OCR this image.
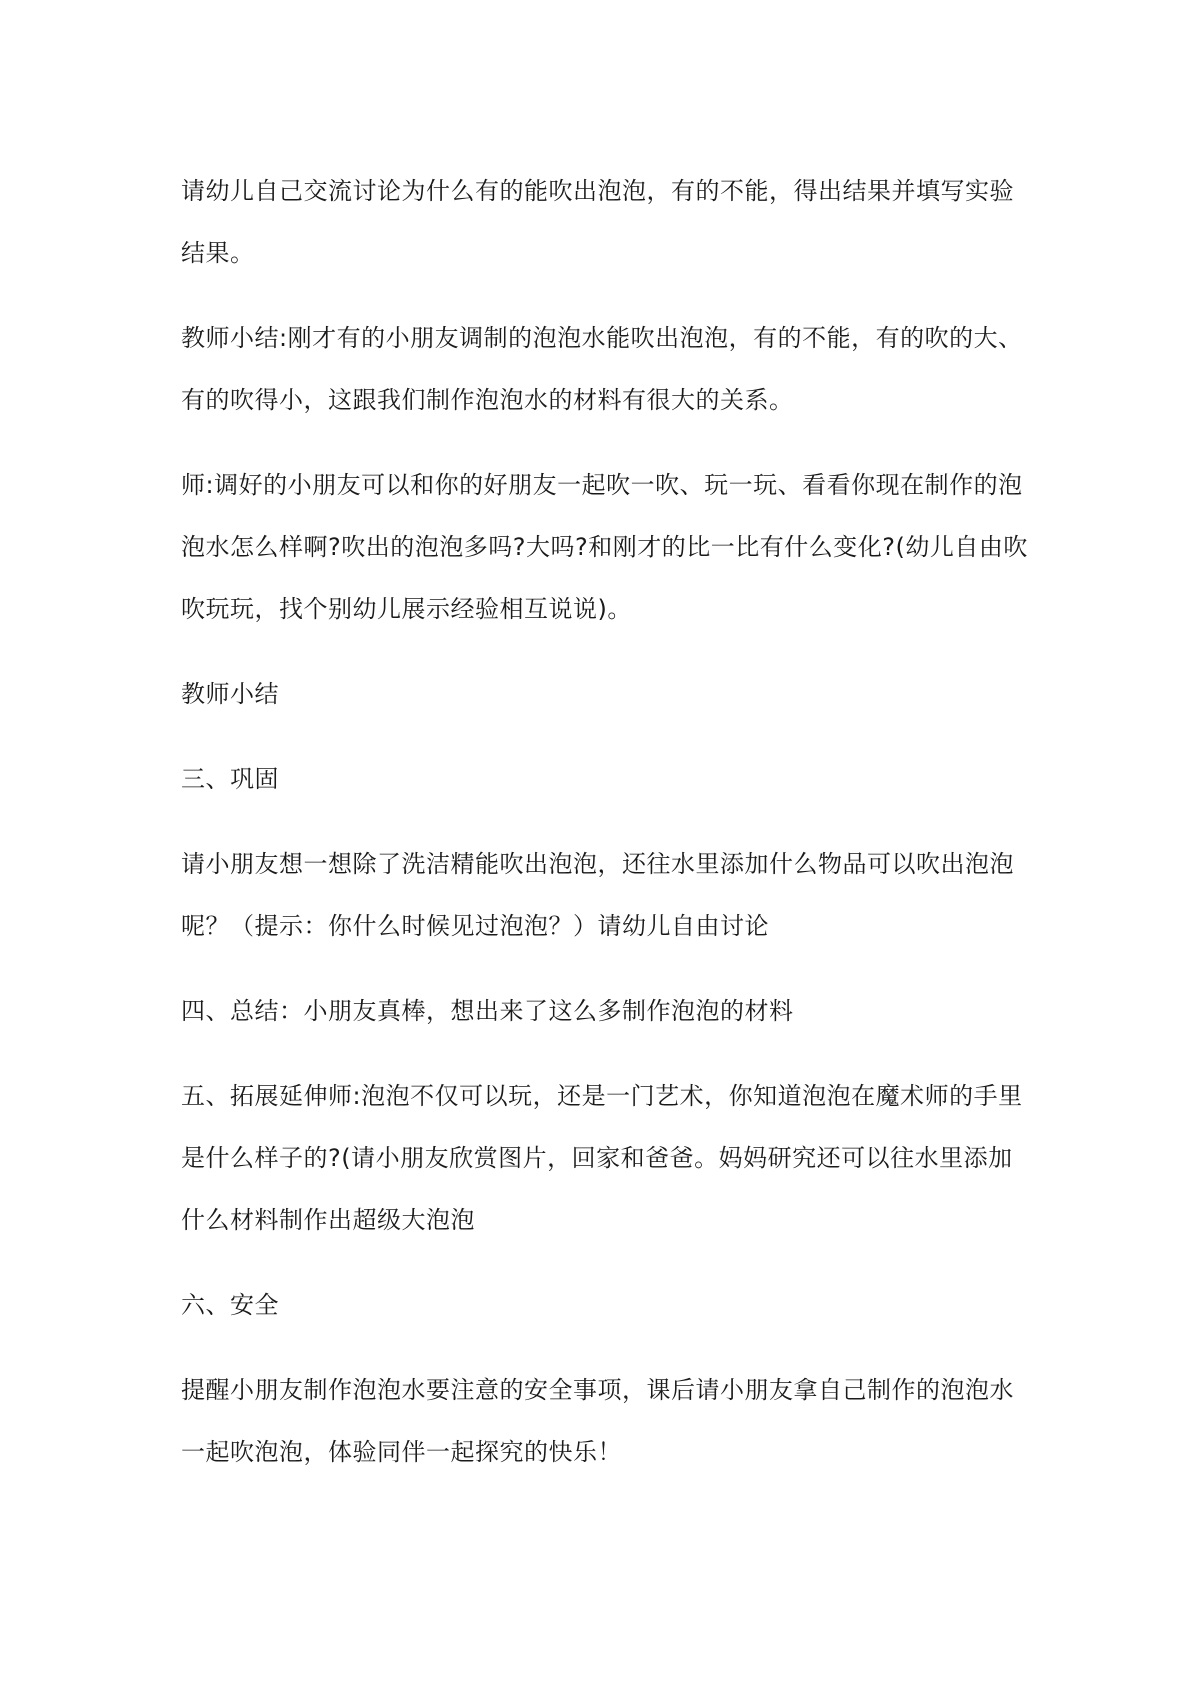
请幼儿自己交流讨论为什么有的能吹出泡泡，有的不能，得出结果并填写实验结果。

教师小结:刚才有的小朋友调制的泡泡水能吹出泡泡，有的不能，有的吹的大、有的吹得小，这跟我们制作泡泡水的材料有很大的关系。

师:调好的小朋友可以和你的好朋友一起吹一吹、玩一玩、看看你现在制作的泡泡水怎么样啊?吹出的泡泡多吗?大吗?和刚才的比一比有什么变化?(幼儿自由吹吹玩玩，找个别幼儿展示经验相互说说)。

教师小结

三、巩固

请小朋友想一想除了洗洁精能吹出泡泡，还往水里添加什么物品可以吹出泡泡呢？（提示：你什么时候见过泡泡？）请幼儿自由讨论

四、总结：小朋友真棒，想出来了这么多制作泡泡的材料

五、拓展延伸师:泡泡不仅可以玩，还是一门艺术，你知道泡泡在魔术师的手里是什么样子的?(请小朋友欣赏图片，回家和爸爸。妈妈研究还可以往水里添加什么材料制作出超级大泡泡

六、安全

提醒小朋友制作泡泡水要注意的安全事项，课后请小朋友拿自己制作的泡泡水一起吹泡泡，体验同伴一起探究的快乐！
